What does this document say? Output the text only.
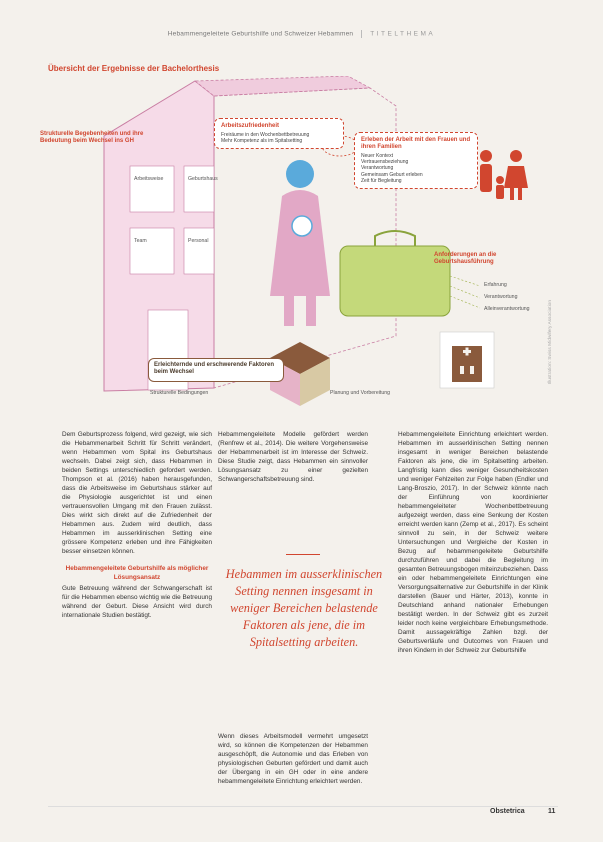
Hebammengeleitete Geburtshilfe und Schweizer Hebammen	TITELTHEMA
Übersicht der Ergebnisse der Bachelorthesis
Strukturelle Begebenheiten und ihre Bedeutung beim Wechsel ins GH
Arbeitszufriedenheit
Freiräume in den Wochenbettbetreuung
Mehr Kompetenz als im Spitalsetting	Erleben der Arbeit mit den Frauen und ihren Familien
Neuer Kontext
Vertrauensbeziehung
Verantwortung
Gemeinsam Geburt erleben
Zeit für Begleitung
Arbeitsweise	Geburtshaus
Team	Personal
Anforderungen an die Geburtshausführung
Erfahrung
Verantwortung
Alleinverantwortung
Erleichternde und erschwerende Faktoren beim Wechsel
Strukturelle Bedingungen	Planung und Vorbereitung
Illustration: Swiss Midwifery Association

Dem Geburtsprozess folgend, wird gezeigt, wie sich die Hebammenarbeit Schritt für Schritt verändert, wenn Hebammen vom Spital ins Geburtshaus wechseln. Dabei zeigt sich, dass Hebammen in beiden Settings unterschiedlich gefordert werden. Thompson et al. (2016) haben herausgefunden, dass die Arbeitsweise im Geburtshaus stärker auf die Physiologie ausgerichtet ist und einen vertrauensvollen Umgang mit den Frauen zulässt. Dies wirkt sich direkt auf die Zufriedenheit der Hebammen aus. Zudem wird deutlich, dass Hebammen im ausserklinischen Setting eine grössere Kompetenz erleben und ihre Fähigkeiten besser einsetzen können.

Hebammengeleitete Geburtshilfe als möglicher Lösungsansatz

Gute Betreuung während der Schwangerschaft ist für die Hebammen ebenso wichtig wie die Betreuung während der Geburt. Diese Ansicht wird durch internationale Studien bestätigt.

Hebammengeleitete Modelle gefördert werden (Renfrew et al., 2014). Die weitere Vorgehensweise der Hebammenarbeit ist im Interesse der Schweiz. Diese Studie zeigt, dass Hebammen ein sinnvoller Lösungsansatz zu einer gezielten Schwangerschaftsbetreuung sind.

Wenn dieses Arbeitsmodell vermehrt umgesetzt wird, so können die Kompetenzen der Hebammen ausgeschöpft, die Autonomie und das Erleben von physiologischen Geburten gefördert und damit auch der Übergang in ein GH oder in eine andere hebammengeleitete Einrichtung erleichtert werden.

Hebammen im ausserklinischen Setting nennen insgesamt in weniger Bereichen belastende Faktoren als jene, die im Spitalsetting arbeiten.

Hebammengeleitete Einrichtung erleichtert werden. Hebammen im ausserklinischen Setting nennen insgesamt in weniger Bereichen belastende Faktoren als jene, die im Spitalsetting arbeiten. Langfristig kann dies weniger Gesundheitskosten und weniger Fehlzeiten zur Folge haben (Endler und Lang-Broszio, 2017). In der Schweiz könnte nach der Einführung von koordinierter hebammengeleiteter Wochenbettbetreuung aufgezeigt werden, dass eine Senkung der Kosten erreicht werden kann (Zemp et al., 2017). Es scheint sinnvoll zu sein, in der Schweiz weitere Untersuchungen und Vergleiche der Kosten in Bezug auf hebammengeleitete Geburtshilfe durchzuführen und dabei die Begleitung im gesamten Betreuungsbogen miteinzubeziehen. Dass ein oder hebammengeleitete Einrichtungen eine Versorgungsalternative zur Geburtshilfe in der Klinik darstellen (Bauer und Härter, 2013), konnte in Deutschland anhand nationaler Erhebungen bestätigt werden. In der Schweiz gibt es zurzeit leider noch keine vergleichbare Erhebungsmethode. Damit aussagekräftige Zahlen bzgl. der Geburtsverläufe und Outcomes von Frauen und ihren Kindern in der Schweiz zur Geburtshilfe

Obstetrica	11
